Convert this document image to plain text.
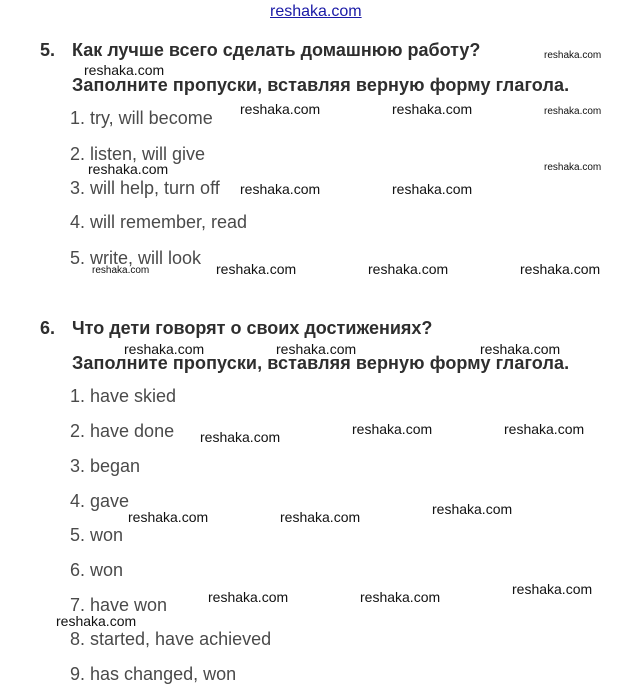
reshaka.com
5. Как лучше всего сделать домашнюю работу?
Заполните пропуски, вставляя верную форму глагола.
1. try, will become
2. listen, will give
3. will help, turn off
4. will remember, read
5. write, will look
6. Что дети говорят о своих достижениях?
Заполните пропуски, вставляя верную форму глагола.
1. have skied
2. have done
3. began
4. gave
5. won
6. won
7. have won
8. started, have achieved
9. has changed, won
reshaka.com
reshaka.com
reshaka.com	reshaka.com	reshaka.com
reshaka.com	reshaka.com
reshaka.com	reshaka.com
reshaka.com	reshaka.com	reshaka.com	reshaka.com
reshaka.com	reshaka.com	reshaka.com
reshaka.com	reshaka.com
reshaka.com
reshaka.com
reshaka.com	reshaka.com
reshaka.com
reshaka.com	reshaka.com
reshaka.com
